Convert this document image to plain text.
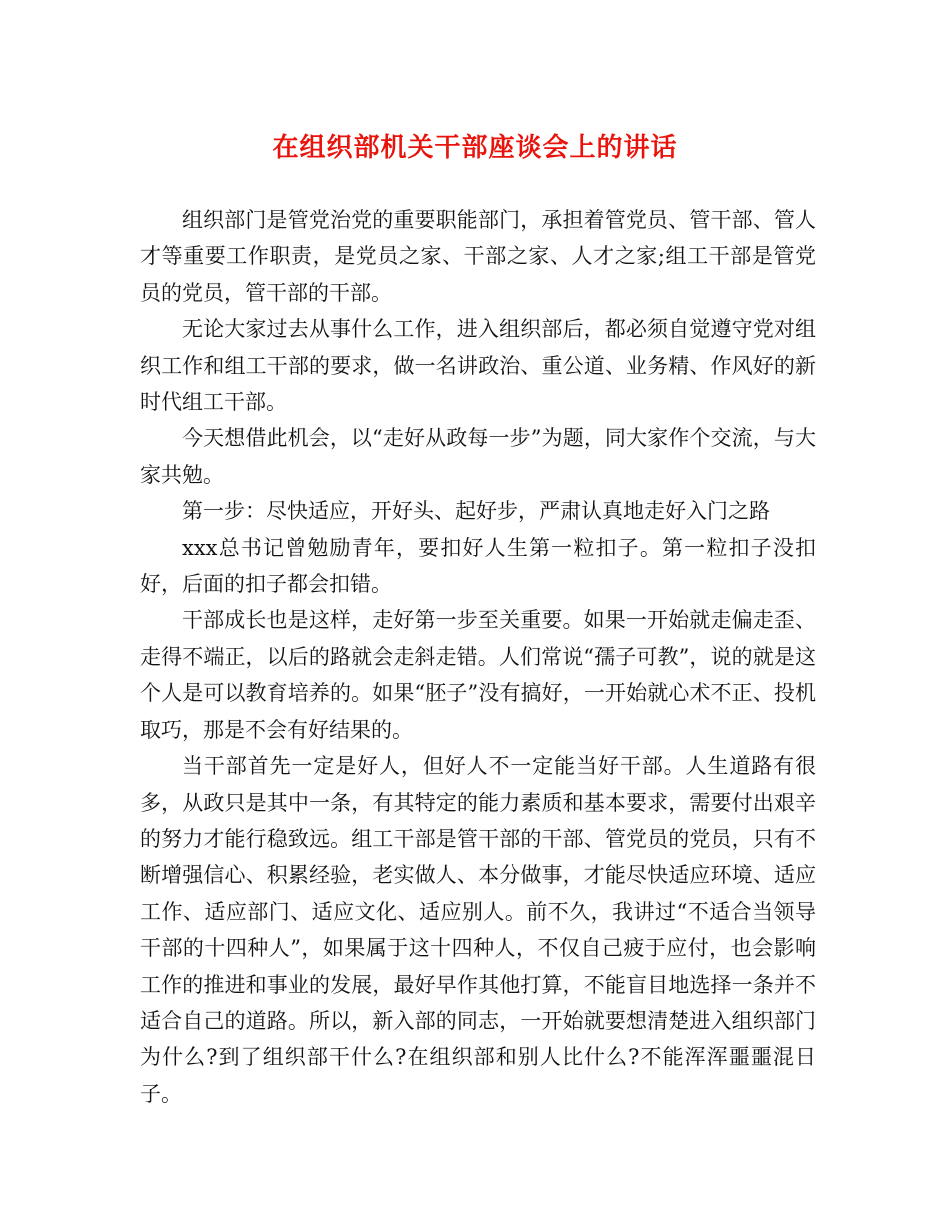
在组织部机关干部座谈会上的讲话

组织部门是管党治党的重要职能部门，承担着管党员、管干部、管人才等重要工作职责，是党员之家、干部之家、人才之家;组工干部是管党员的党员，管干部的干部。

无论大家过去从事什么工作，进入组织部后，都必须自觉遵守党对组织工作和组工干部的要求，做一名讲政治、重公道、业务精、作风好的新时代组工干部。

今天想借此机会，以“走好从政每一步”为题，同大家作个交流，与大家共勉。

第一步：尽快适应，开好头、起好步，严肃认真地走好入门之路

xxx总书记曾勉励青年，要扣好人生第一粒扣子。第一粒扣子没扣好，后面的扣子都会扣错。

干部成长也是这样，走好第一步至关重要。如果一开始就走偏走歪、走得不端正，以后的路就会走斜走错。人们常说“孺子可教”，说的就是这个人是可以教育培养的。如果“胚子”没有搞好，一开始就心术不正、投机取巧，那是不会有好结果的。

当干部首先一定是好人，但好人不一定能当好干部。人生道路有很多，从政只是其中一条，有其特定的能力素质和基本要求，需要付出艰辛的努力才能行稳致远。组工干部是管干部的干部、管党员的党员，只有不断增强信心、积累经验，老实做人、本分做事，才能尽快适应环境、适应工作、适应部门、适应文化、适应别人。前不久，我讲过“不适合当领导干部的十四种人”，如果属于这十四种人，不仅自己疲于应付，也会影响工作的推进和事业的发展，最好早作其他打算，不能盲目地选择一条并不适合自己的道路。所以，新入部的同志，一开始就要想清楚进入组织部门为什么?到了组织部干什么?在组织部和别人比什么?不能浑浑噩噩混日子。
